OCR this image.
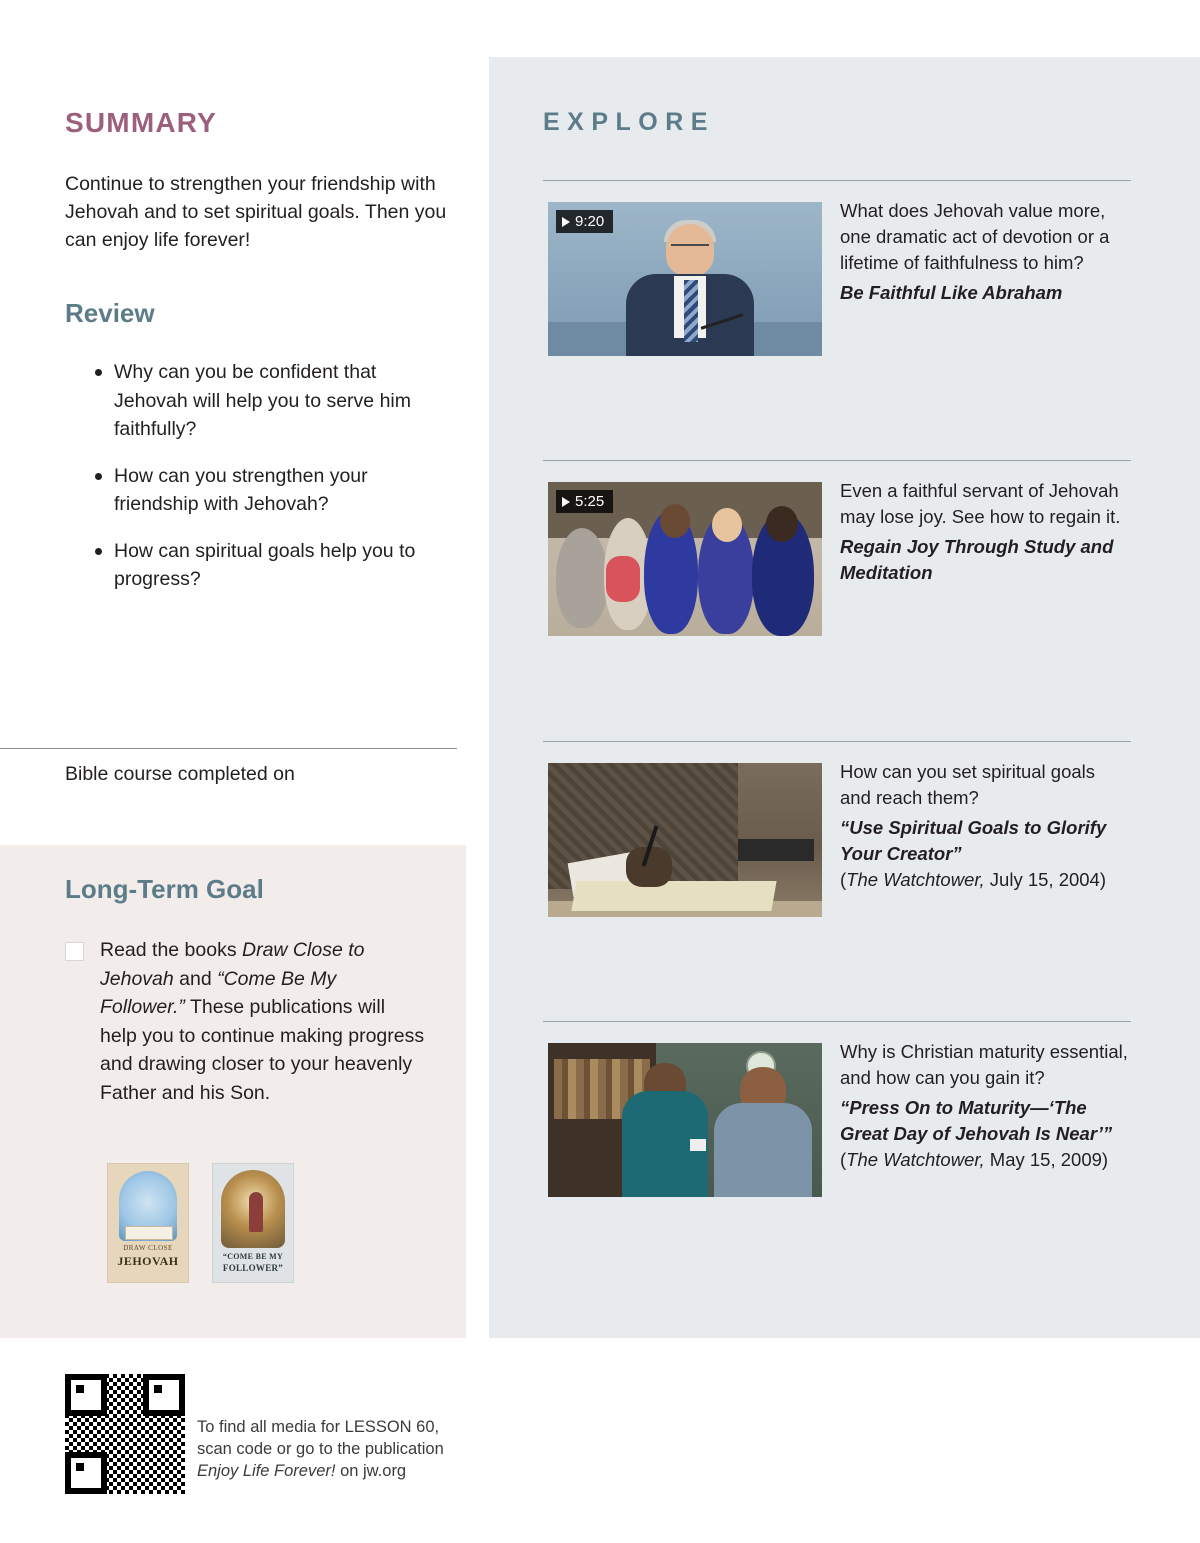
SUMMARY
Continue to strengthen your friendship with Jehovah and to set spiritual goals. Then you can enjoy life forever!
Review
Why can you be confident that Jehovah will help you to serve him faithfully?
How can you strengthen your friendship with Jehovah?
How can spiritual goals help you to progress?
Bible course completed on
Long-Term Goal
Read the books Draw Close to Jehovah and “Come Be My Follower.” These publications will help you to continue making progress and drawing closer to your heavenly Father and his Son.
DRAW CLOSE
JEHOVAH	“COME BE MY
FOLLOWER”
EXPLORE
9:20
What does Jehovah value more, one dramatic act of devotion or a lifetime of faithfulness to him?
Be Faithful Like Abraham
5:25
Even a faithful servant of Jehovah may lose joy. See how to regain it.
Regain Joy Through Study and Meditation
How can you set spiritual goals and reach them?
“Use Spiritual Goals to Glorify Your Creator”
(The Watchtower, July 15, 2004)
Why is Christian maturity essential, and how can you gain it?
“Press On to Maturity—‘The Great Day of Jehovah Is Near’”
(The Watchtower, May 15, 2009)
To find all media for LESSON 60,
scan code or go to the publication
Enjoy Life Forever! on jw.org
